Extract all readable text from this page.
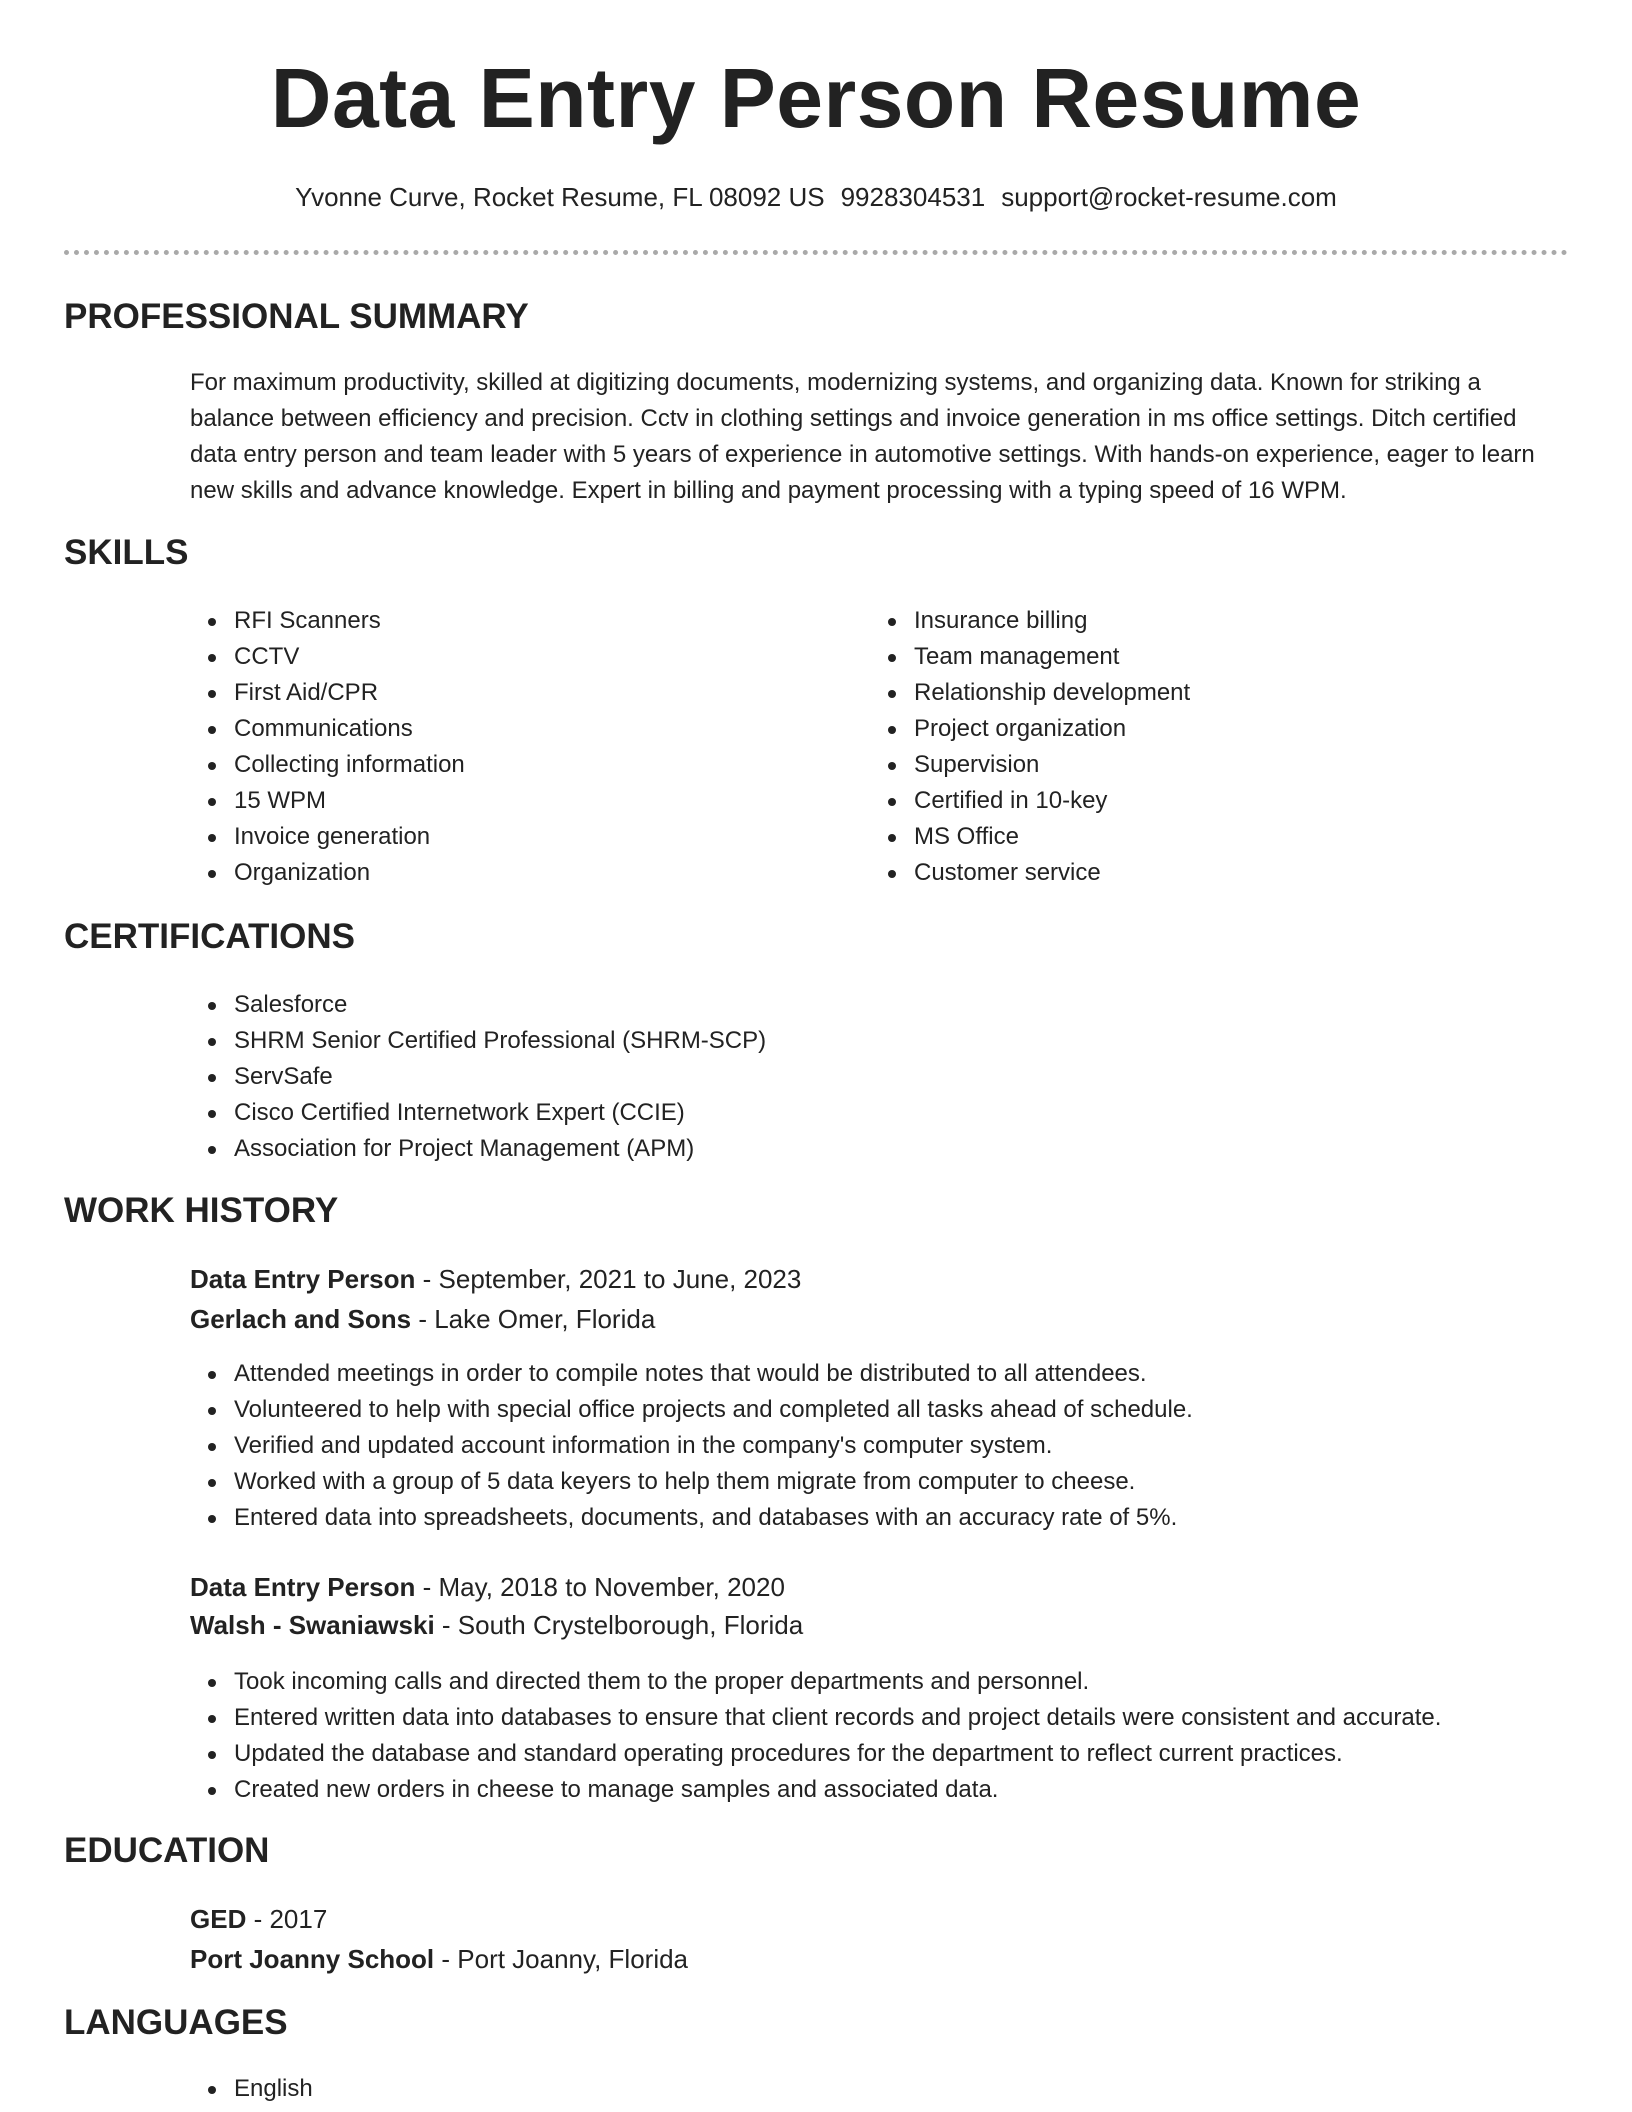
Data Entry Person Resume
Yvonne Curve, Rocket Resume, FL 08092 US 9928304531 support@rocket-resume.com
PROFESSIONAL SUMMARY

For maximum productivity, skilled at digitizing documents, modernizing systems, and organizing data. Known for striking a balance between efficiency and precision. Cctv in clothing settings and invoice generation in ms office settings. Ditch certified data entry person and team leader with 5 years of experience in automotive settings. With hands-on experience, eager to learn new skills and advance knowledge. Expert in billing and payment processing with a typing speed of 16 WPM.

SKILLS
RFI Scanners
CCTV
First Aid/CPR
Communications
Collecting information
15 WPM
Invoice generation
Organization
Insurance billing
Team management
Relationship development
Project organization
Supervision
Certified in 10-key
MS Office
Customer service
CERTIFICATIONS
Salesforce
SHRM Senior Certified Professional (SHRM-SCP)
ServSafe
Cisco Certified Internetwork Expert (CCIE)
Association for Project Management (APM)
WORK HISTORY
Data Entry Person - September, 2021 to June, 2023
Gerlach and Sons - Lake Omer, Florida
Attended meetings in order to compile notes that would be distributed to all attendees.
Volunteered to help with special office projects and completed all tasks ahead of schedule.
Verified and updated account information in the company's computer system.
Worked with a group of 5 data keyers to help them migrate from computer to cheese.
Entered data into spreadsheets, documents, and databases with an accuracy rate of 5%.
Data Entry Person - May, 2018 to November, 2020
Walsh - Swaniawski - South Crystelborough, Florida
Took incoming calls and directed them to the proper departments and personnel.
Entered written data into databases to ensure that client records and project details were consistent and accurate.
Updated the database and standard operating procedures for the department to reflect current practices.
Created new orders in cheese to manage samples and associated data.
EDUCATION
GED - 2017
Port Joanny School - Port Joanny, Florida
LANGUAGES
English
